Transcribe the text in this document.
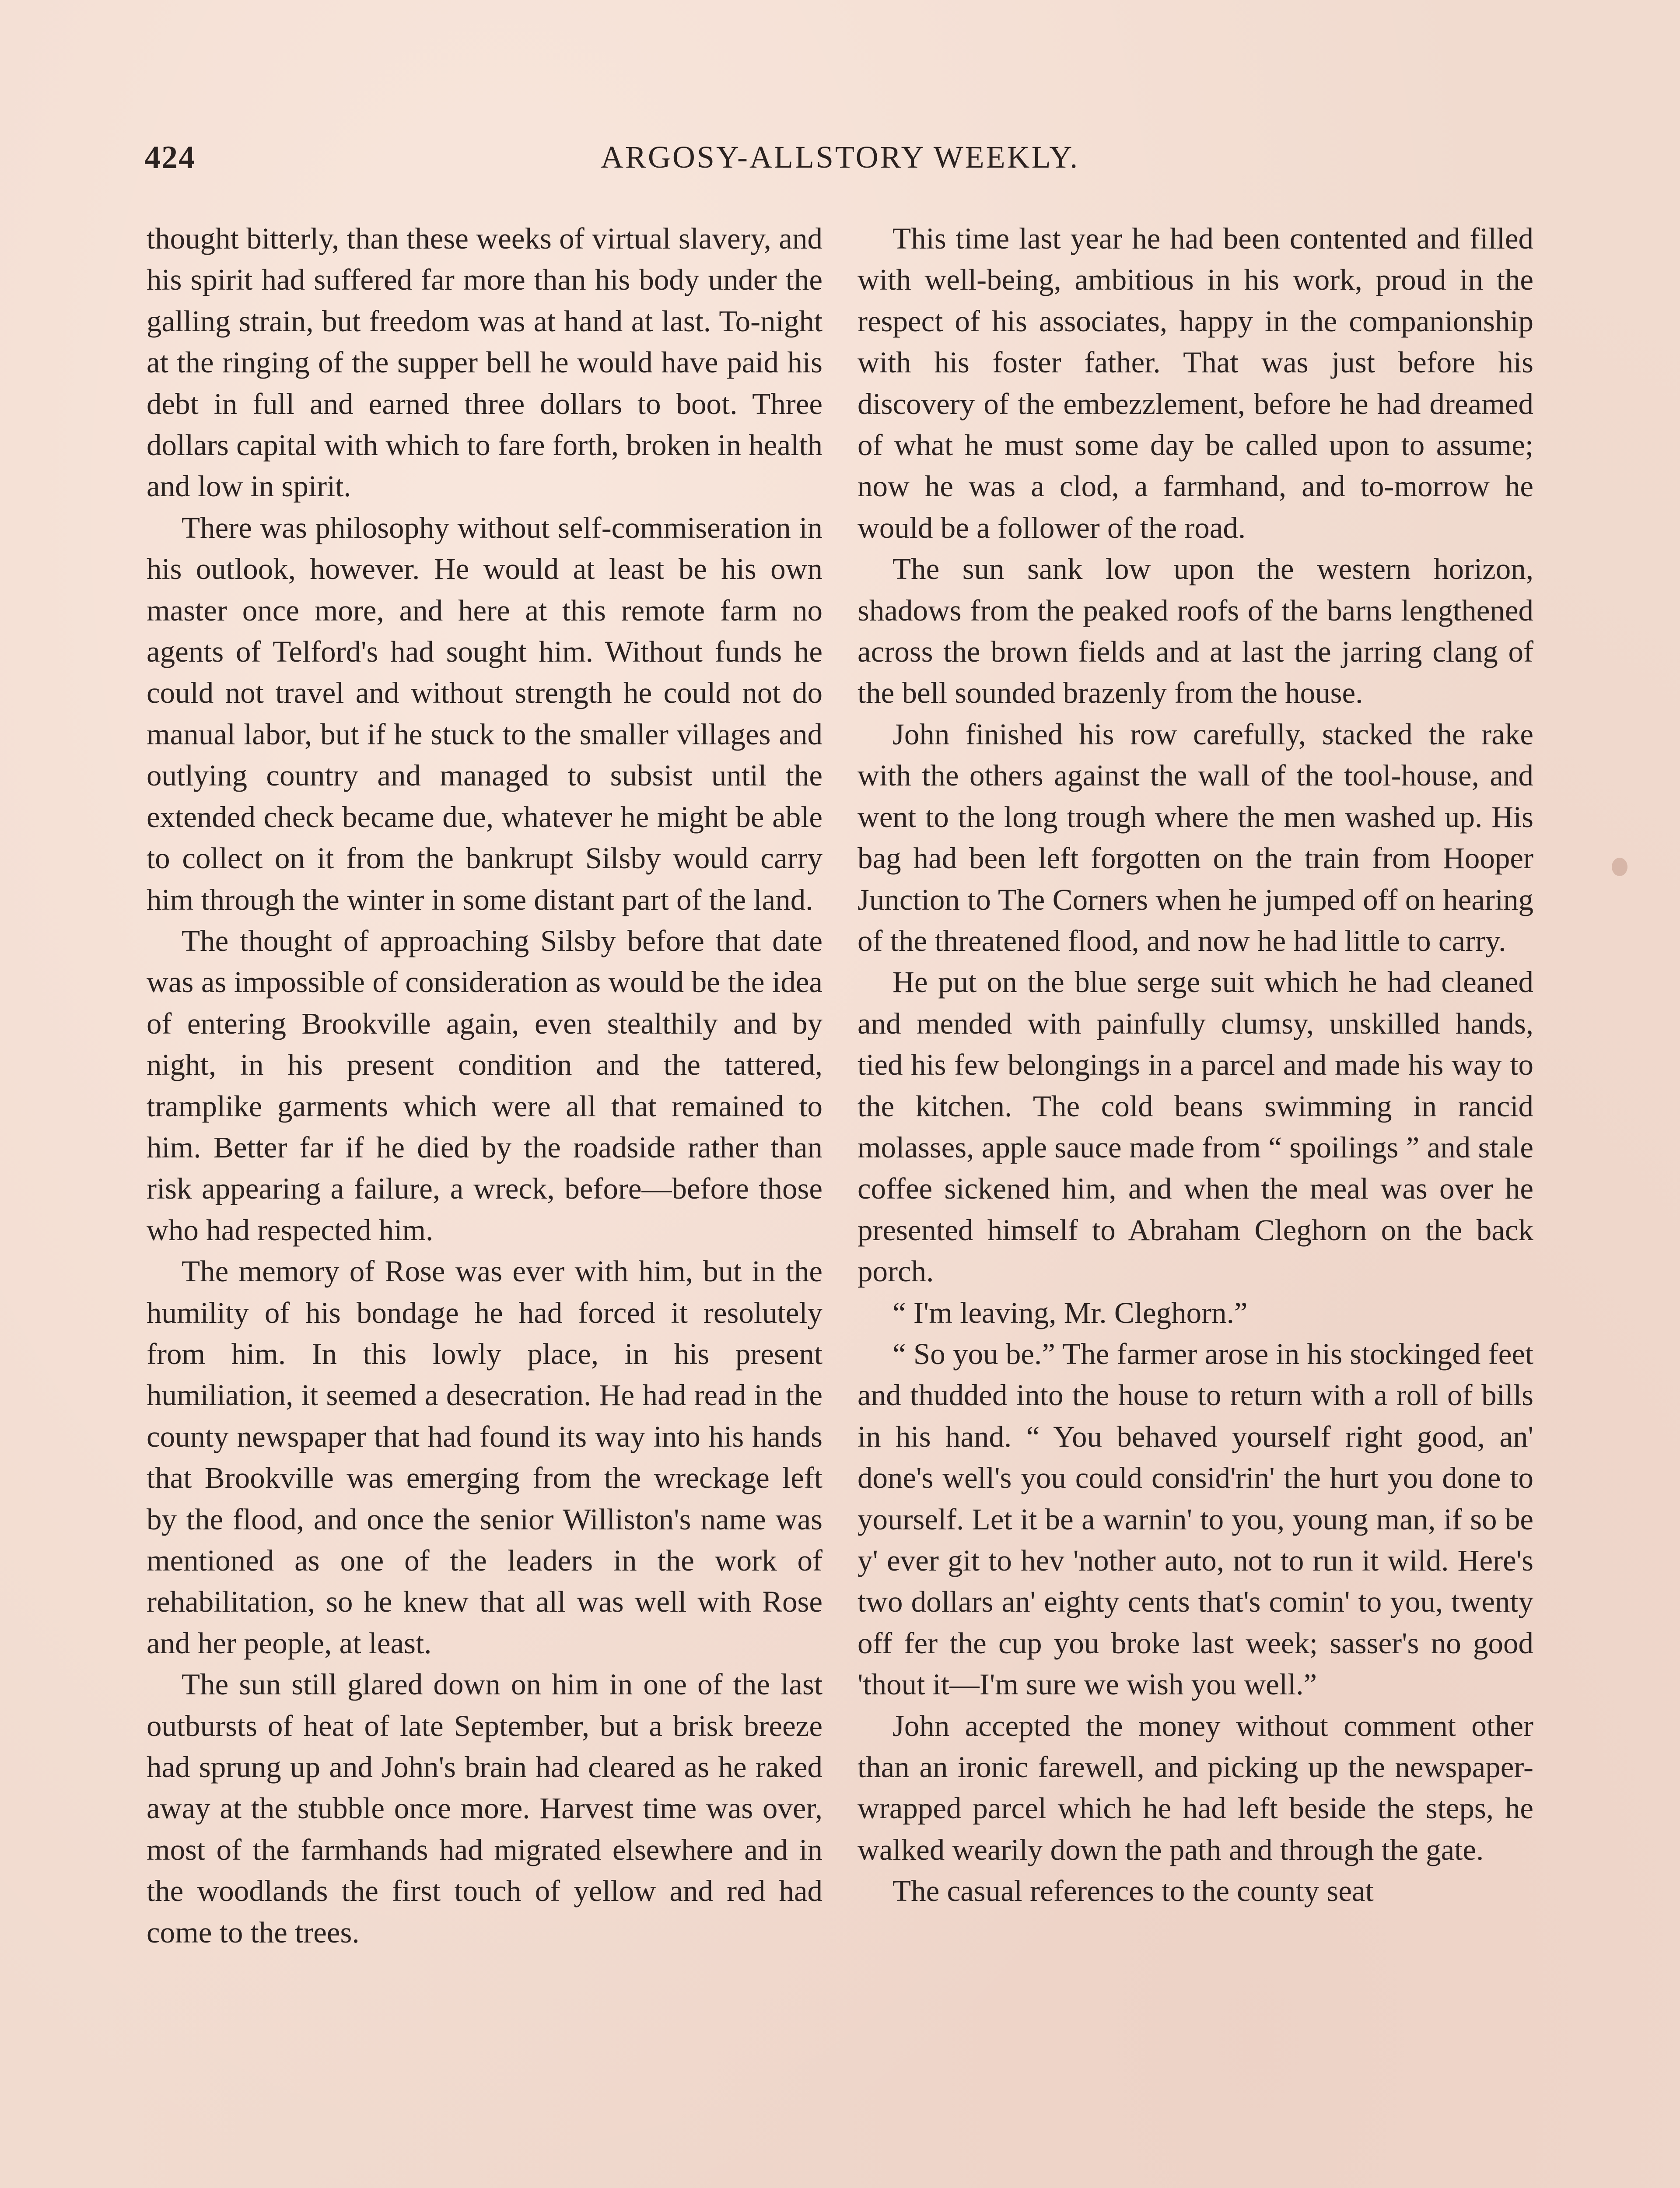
424	ARGOSY-ALLSTORY WEEKLY.

thought bitterly, than these weeks of virtual slavery, and his spirit had suffered far more than his body under the galling strain, but freedom was at hand at last. To-night at the ringing of the supper bell he would have paid his debt in full and earned three dollars to boot. Three dollars capital with which to fare forth, broken in health and low in spirit.

There was philosophy without self-commiseration in his outlook, however. He would at least be his own master once more, and here at this remote farm no agents of Telford's had sought him. Without funds he could not travel and without strength he could not do manual labor, but if he stuck to the smaller villages and outlying country and managed to subsist until the extended check became due, whatever he might be able to collect on it from the bankrupt Silsby would carry him through the winter in some distant part of the land.

The thought of approaching Silsby before that date was as impossible of consideration as would be the idea of entering Brookville again, even stealthily and by night, in his present condition and the tattered, tramplike garments which were all that remained to him. Better far if he died by the roadside rather than risk appearing a failure, a wreck, before—before those who had respected him.

The memory of Rose was ever with him, but in the humility of his bondage he had forced it resolutely from him. In this lowly place, in his present humiliation, it seemed a desecration. He had read in the county newspaper that had found its way into his hands that Brookville was emerging from the wreckage left by the flood, and once the senior Williston's name was mentioned as one of the leaders in the work of rehabilitation, so he knew that all was well with Rose and her people, at least.

The sun still glared down on him in one of the last outbursts of heat of late September, but a brisk breeze had sprung up and John's brain had cleared as he raked away at the stubble once more. Harvest time was over, most of the farmhands had migrated elsewhere and in the woodlands the first touch of yellow and red had come to the trees.

This time last year he had been contented and filled with well-being, ambitious in his work, proud in the respect of his associates, happy in the companionship with his foster father. That was just before his discovery of the embezzlement, before he had dreamed of what he must some day be called upon to assume; now he was a clod, a farmhand, and to-morrow he would be a follower of the road.

The sun sank low upon the western horizon, shadows from the peaked roofs of the barns lengthened across the brown fields and at last the jarring clang of the bell sounded brazenly from the house.

John finished his row carefully, stacked the rake with the others against the wall of the tool-house, and went to the long trough where the men washed up. His bag had been left forgotten on the train from Hooper Junction to The Corners when he jumped off on hearing of the threatened flood, and now he had little to carry.

He put on the blue serge suit which he had cleaned and mended with painfully clumsy, unskilled hands, tied his few belongings in a parcel and made his way to the kitchen. The cold beans swimming in rancid molasses, apple sauce made from “ spoilings ” and stale coffee sickened him, and when the meal was over he presented himself to Abraham Cleghorn on the back porch.

“ I'm leaving, Mr. Cleghorn.”

“ So you be.” The farmer arose in his stockinged feet and thudded into the house to return with a roll of bills in his hand. “ You behaved yourself right good, an' done's well's you could consid'rin' the hurt you done to yourself. Let it be a warnin' to you, young man, if so be y' ever git to hev 'nother auto, not to run it wild. Here's two dollars an' eighty cents that's comin' to you, twenty off fer the cup you broke last week; sasser's no good 'thout it—I'm sure we wish you well.”

John accepted the money without comment other than an ironic farewell, and picking up the newspaper-wrapped parcel which he had left beside the steps, he walked wearily down the path and through the gate.

The casual references to the county seat
